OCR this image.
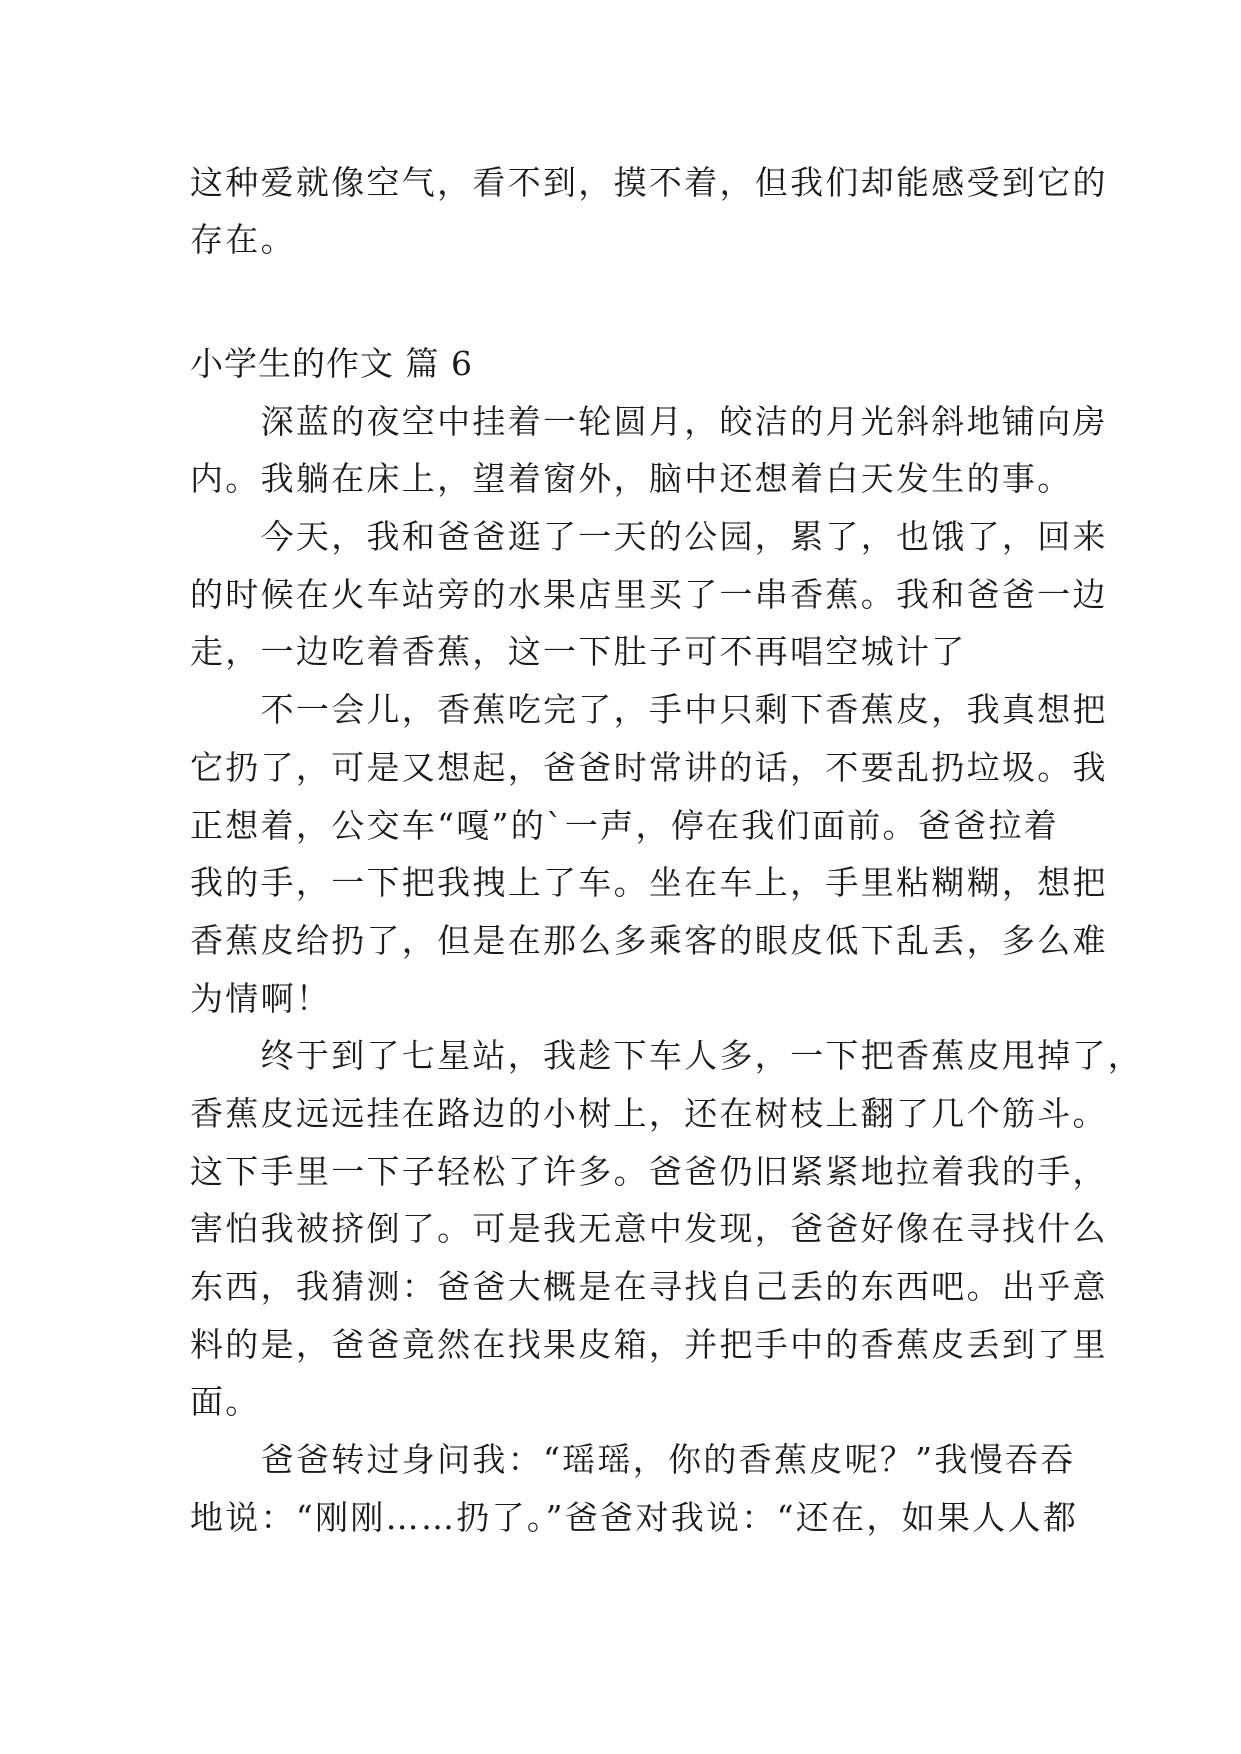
这种爱就像空气，看不到，摸不着，但我们却能感受到它的
存在。
小学生的作文 篇 6
　　深蓝的夜空中挂着一轮圆月，皎洁的月光斜斜地铺向房
内。我躺在床上，望着窗外，脑中还想着白天发生的事。
　　今天，我和爸爸逛了一天的公园，累了，也饿了，回来
的时候在火车站旁的水果店里买了一串香蕉。我和爸爸一边
走，一边吃着香蕉，这一下肚子可不再唱空城计了
　　不一会儿，香蕉吃完了，手中只剩下香蕉皮，我真想把
它扔了，可是又想起，爸爸时常讲的话，不要乱扔垃圾。我
正想着，公交车“嘎”的`一声，停在我们面前。爸爸拉着
我的手，一下把我拽上了车。坐在车上，手里粘糊糊，想把
香蕉皮给扔了，但是在那么多乘客的眼皮低下乱丢，多么难
为情啊！
　　终于到了七星站，我趁下车人多，一下把香蕉皮甩掉了，
香蕉皮远远挂在路边的小树上，还在树枝上翻了几个筋斗。
这下手里一下子轻松了许多。爸爸仍旧紧紧地拉着我的手，
害怕我被挤倒了。可是我无意中发现，爸爸好像在寻找什么
东西，我猜测：爸爸大概是在寻找自己丢的东西吧。出乎意
料的是，爸爸竟然在找果皮箱，并把手中的香蕉皮丢到了里
面。
　　爸爸转过身问我：“瑶瑶，你的香蕉皮呢？”我慢吞吞
地说：“刚刚……扔了。”爸爸对我说：“还在，如果人人都
